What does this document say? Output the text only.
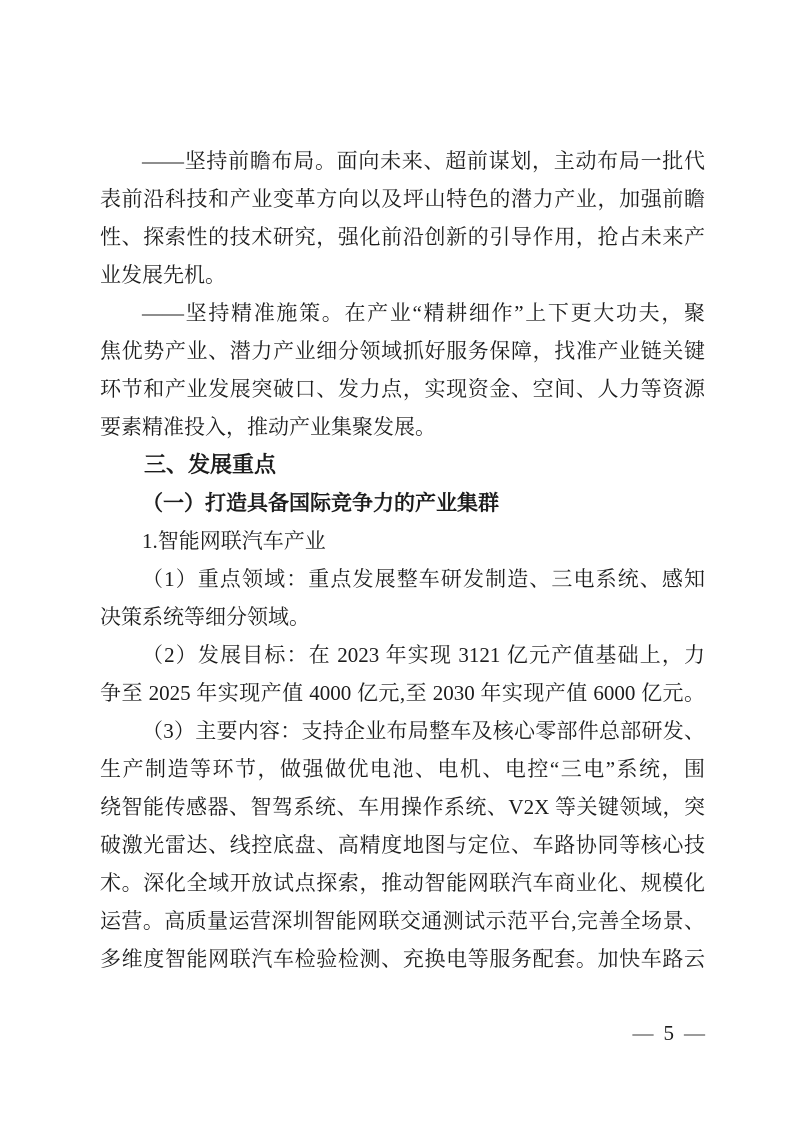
——坚持前瞻布局。面向未来、超前谋划，主动布局一批代
表前沿科技和产业变革方向以及坪山特色的潜力产业，加强前瞻
性、探索性的技术研究，强化前沿创新的引导作用，抢占未来产
业发展先机。
——坚持精准施策。在产业“精耕细作”上下更大功夫，聚
焦优势产业、潜力产业细分领域抓好服务保障，找准产业链关键
环节和产业发展突破口、发力点，实现资金、空间、人力等资源
要素精准投入，推动产业集聚发展。
三、发展重点
（一）打造具备国际竞争力的产业集群
1.智能网联汽车产业
（1）重点领域：重点发展整车研发制造、三电系统、感知
决策系统等细分领域。
（2）发展目标：在 2023 年实现 3121 亿元产值基础上，力
争至 2025 年实现产值 4000 亿元,至 2030 年实现产值 6000 亿元。
（3）主要内容：支持企业布局整车及核心零部件总部研发、
生产制造等环节，做强做优电池、电机、电控“三电”系统，围
绕智能传感器、智驾系统、车用操作系统、V2X 等关键领域，突
破激光雷达、线控底盘、高精度地图与定位、车路协同等核心技
术。深化全域开放试点探索，推动智能网联汽车商业化、规模化
运营。高质量运营深圳智能网联交通测试示范平台,完善全场景、
多维度智能网联汽车检验检测、充换电等服务配套。加快车路云
— 5 —
